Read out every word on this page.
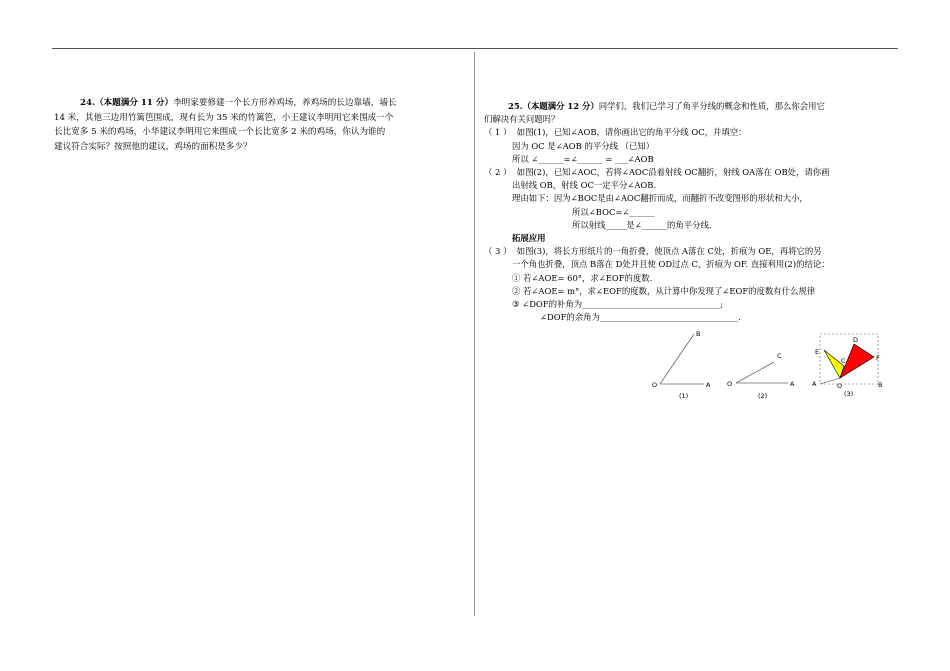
24.（本题满分 11 分）李明家要修建一个长方形养鸡场，养鸡场的长边靠墙，墙长

14 米，其他三边用竹篱笆围成，现有长为 35 米的竹篱笆，小王建议李明用它来围成一个

长比宽多 5 米的鸡场，小华建议李明用它来围成一个长比宽多 2 米的鸡场，你认为谁的

建议符合实际？按照他的建议，鸡场的面积是多少？

25.（本题满分 12 分）同学们，我们已学习了角平分线的概念和性质，那么你会用它

们解决有关问题吗？

（ 1 ） 如图(1)，已知∠AOB，请你画出它的角平分线 OC，并填空：

因为 OC 是∠AOB 的平分线 （已知）

所以 ∠______=∠______ = ___∠AOB

（ 2 ） 如图(2)，已知∠AOC，若将∠AOC沿着射线 OC翻折，射线 OA落在 OB处，请你画

出射线 OB，射线 OC一定平分∠AOB.

理由如下：因为∠BOC是由∠AOC翻折而成，而翻折不改变图形的形状和大小，

所以∠BOC=∠______

所以射线_____是∠______的角平分线.

拓展应用

（ 3 ） 如图(3)，将长方形纸片的一角折叠，使顶点 A落在 C处，折痕为 OE，再将它的另

一个角也折叠，顶点 B落在 D处并且使 OD过点 C，折痕为 OF. 直接利用(2)的结论：

① 若∠AOE= 60°，求∠EOF的度数.

② 若∠AOE= m°，求∠EOF的度数，从计算中你发现了∠EOF的度数有什么规律

③ ∠DOF的补角为_________________________________;

∠DOF的余角为_________________________________.

B
O	A
(1)
C
O	A
(2)
D
E
C	F
A	O	B
(3)
